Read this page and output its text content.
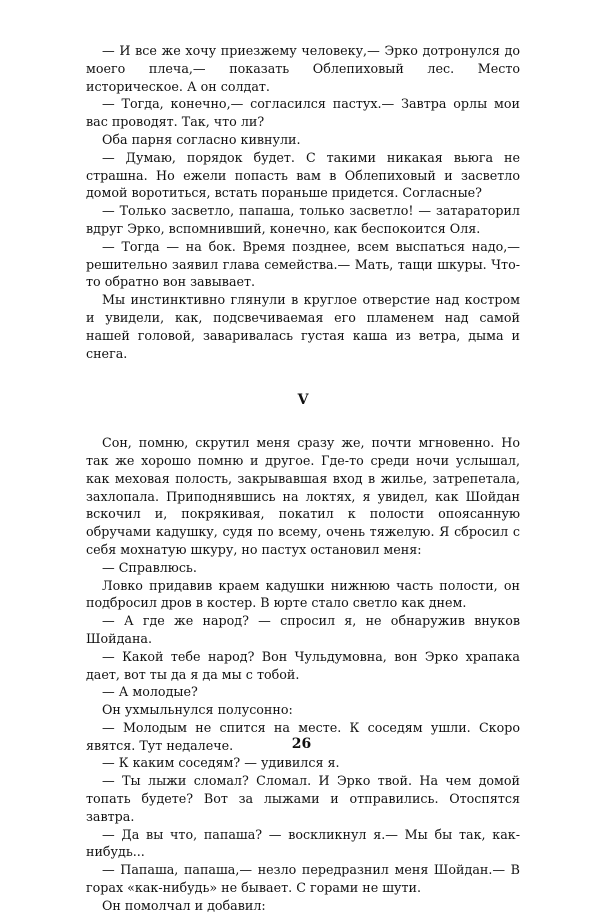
— И все же хочу приезжему человеку,— Эрко дотронулся до моего плеча,— показать Облепиховый лес. Место историческое. А он солдат.

— Тогда, конечно,— согласился пастух.— Завтра орлы мои вас проводят. Так, что ли?

Оба парня согласно кивнули.

— Думаю, порядок будет. С такими никакая вьюга не страшна. Но ежели попасть вам в Облепиховый и засветло домой воротиться, встать пораньше придется. Согласные?

— Только засветло, папаша, только засветло! — затараторил вдруг Эрко, вспомнивший, конечно, как беспокоится Оля.

— Тогда — на бок. Время позднее, всем выспаться надо,— решительно заявил глава семейства.— Мать, тащи шкуры. Что-то обратно вон завывает.

Мы инстинктивно глянули в круглое отверстие над костром и увидели, как, подсвечиваемая его пламенем над самой нашей головой, заваривалась густая каша из ветра, дыма и снега.

V

Сон, помню, скрутил меня сразу же, почти мгновенно. Но так же хорошо помню и другое. Где-то среди ночи услышал, как меховая полость, закрывавшая вход в жилье, затрепетала, захлопала. Приподнявшись на локтях, я увидел, как Шойдан вскочил и, покрякивая, покатил к полости опоясанную обручами кадушку, судя по всему, очень тяжелую. Я сбросил с себя мохнатую шкуру, но пастух остановил меня:

— Справлюсь.

Ловко придавив краем кадушки нижнюю часть полости, он подбросил дров в костер. В юрте стало светло как днем.

— А где же народ? — спросил я, не обнаружив внуков Шойдана.

— Какой тебе народ? Вон Чульдумовна, вон Эрко храпака дает, вот ты да я да мы с тобой.

— А молодые?

Он ухмыльнулся полусонно:

— Молодым не спится на месте. К соседям ушли. Скоро явятся. Тут недалече.

— К каким соседям? — удивился я.

— Ты лыжи сломал? Сломал. И Эрко твой. На чем домой топать будете? Вот за лыжами и отправились. Отоспятся завтра.

— Да вы что, папаша? — воскликнул я.— Мы бы так, как-нибудь...

— Папаша, папаша,— незло передразнил меня Шойдан.— В горах «как-нибудь» не бывает. С горами не шути.

Он помолчал и добавил:

26
